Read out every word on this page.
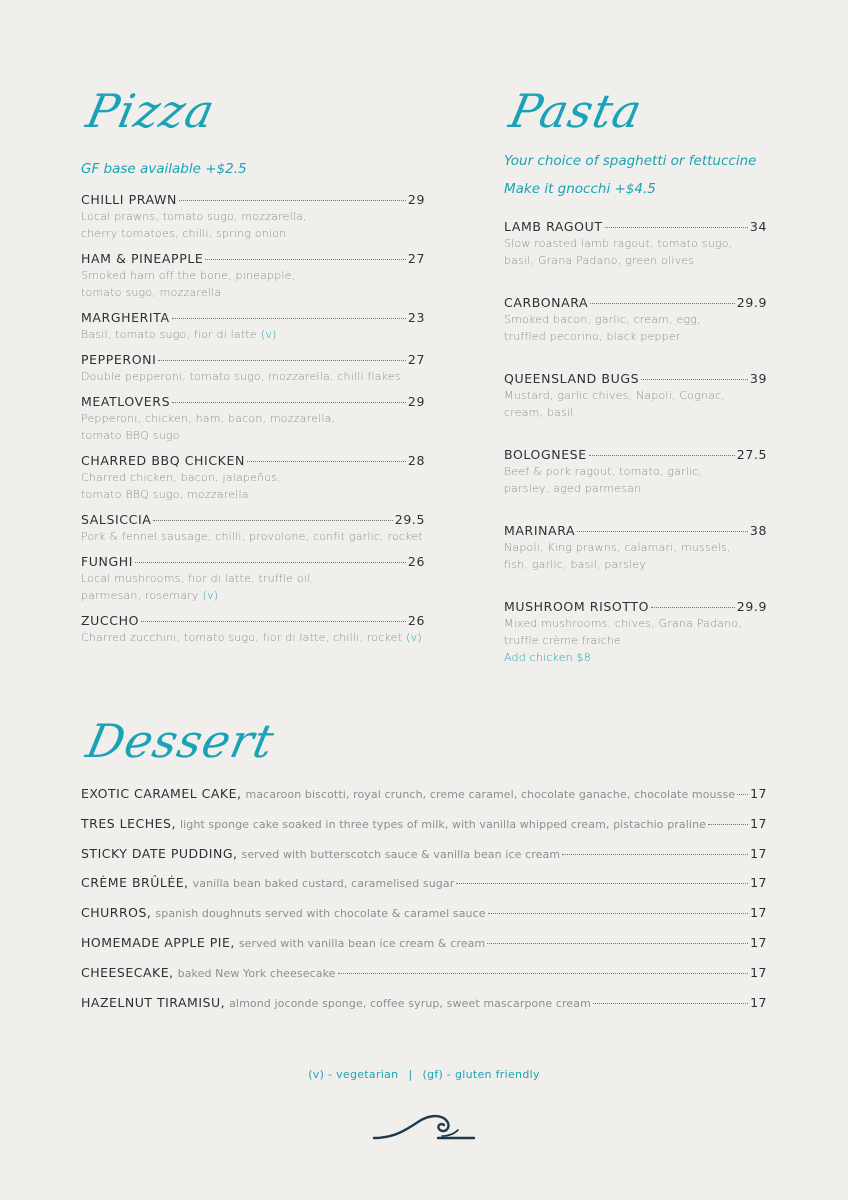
Pizza
GF base available +$2.5
CHILLI PRAWN	29
Local prawns, tomato sugo, mozzarella,
cherry tomatoes, chilli, spring onion
HAM & PINEAPPLE	27
Smoked ham off the bone, pineapple,
tomato sugo, mozzarella
MARGHERITA	23
Basil, tomato sugo, fior di latte (v)
PEPPERONI	27
Double pepperoni, tomato sugo, mozzarella, chilli flakes
MEATLOVERS	29
Pepperoni, chicken, ham, bacon, mozzarella,
tomato BBQ sugo
CHARRED BBQ CHICKEN	28
Charred chicken, bacon, jalapeños,
tomato BBQ sugo, mozzarella
SALSICCIA	29.5
Pork & fennel sausage, chilli, provolone, confit garlic, rocket
FUNGHI	26
Local mushrooms, fior di latte, truffle oil,
parmesan, rosemary (v)
ZUCCHO	26
Charred zucchini, tomato sugo, fior di latte, chilli, rocket (v)
Pasta
Your choice of spaghetti or fettuccine
Make it gnocchi +$4.5
LAMB RAGOUT	34
Slow roasted lamb ragout, tomato sugo,
basil, Grana Padano, green olives
CARBONARA	29.9
Smoked bacon, garlic, cream, egg,
truffled pecorino, black pepper
QUEENSLAND BUGS	39
Mustard, garlic chives, Napoli, Cognac,
cream, basil
BOLOGNESE	27.5
Beef & pork ragout, tomato, garlic,
parsley, aged parmesan
MARINARA	38
Napoli, King prawns, calamari, mussels,
fish, garlic, basil, parsley
MUSHROOM RISOTTO	29.9
Mixed mushrooms, chives, Grana Padano,
truffle crème fraiche
Add chicken $8
Dessert
EXOTIC CARAMEL CAKE, macaroon biscotti, royal crunch, creme caramel, chocolate ganache, chocolate mousse 17
TRES LECHES, light sponge cake soaked in three types of milk, with vanilla whipped cream, pistachio praline	17
STICKY DATE PUDDING, served with butterscotch sauce & vanilla bean ice cream	17
CRÈME BRÛLÉE, vanilla bean baked custard, caramelised sugar	17
CHURROS, spanish doughnuts served with chocolate & caramel sauce	17
HOMEMADE APPLE PIE, served with vanilla bean ice cream & cream	17
CHEESECAKE, baked New York cheesecake	17
HAZELNUT TIRAMISU, almond joconde sponge, coffee syrup, sweet mascarpone cream	17
(v) - vegetarian | (gf) - gluten friendly
